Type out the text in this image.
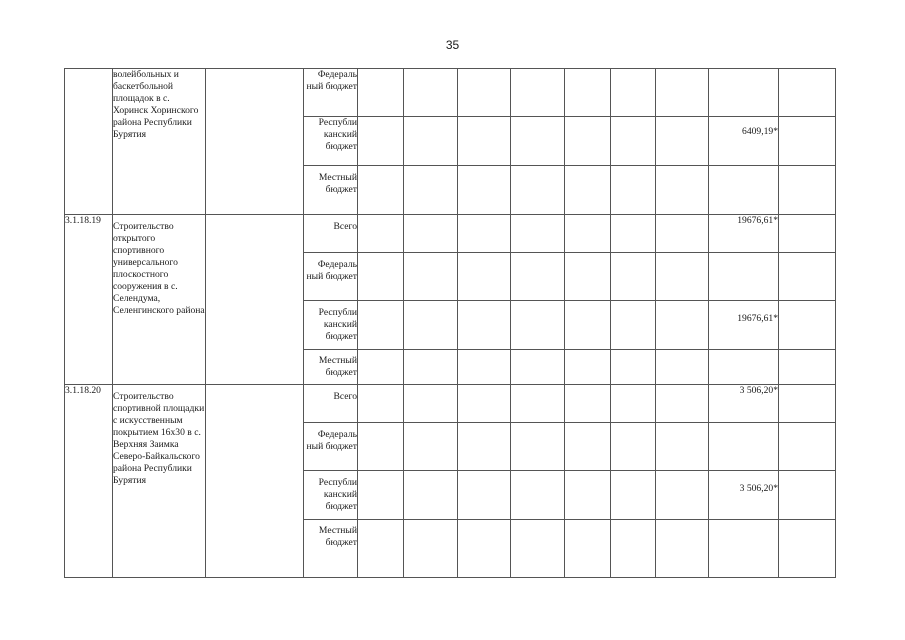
35
	волейбольных и баскетбольной площадок в с. Хоринск Хоринского района Республики Бурятия		Федераль ный бюджет									
			Республи канский бюджет								6409,19*	
			Местный бюджет									
3.1.18.19	Строительство открытого спортивного универсального плоскостного сооружения в с. Селендума, Селенгинского района		Всего								19676,61*	
			Федераль ный бюджет									
			Республи канский бюджет								19676,61*	
			Местный бюджет									
3.1.18.20	Строительство спортивной площадки с искусственным покрытием 16х30 в с. Верхняя Заимка Северо-Байкальского района Республики Бурятия		Всего								3 506,20*	
			Федераль ный бюджет									
			Республи канский бюджет								3 506,20*	
			Местный бюджет									
